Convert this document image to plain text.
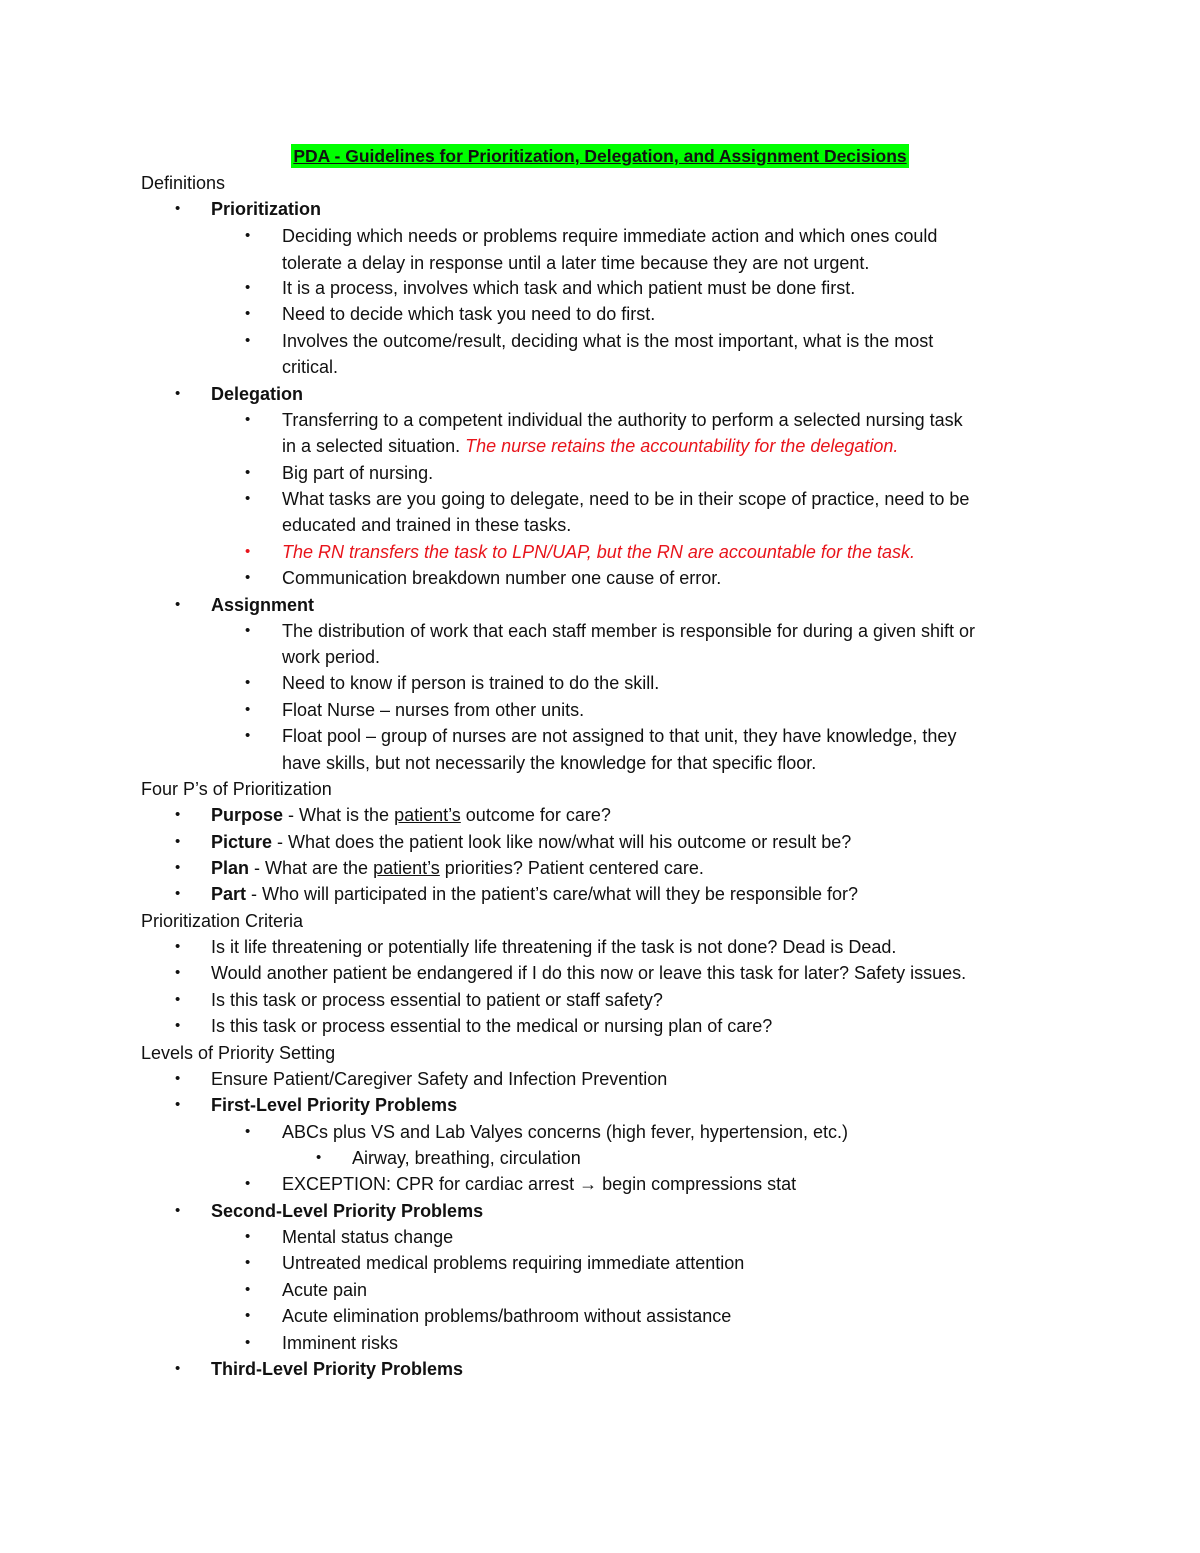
PDA - Guidelines for Prioritization, Delegation, and Assignment Decisions
Definitions
• Prioritization
• Deciding which needs or problems require immediate action and which ones could
tolerate a delay in response until a later time because they are not urgent.
• It is a process, involves which task and which patient must be done first.
• Need to decide which task you need to do first.
• Involves the outcome/result, deciding what is the most important, what is the most
critical.
• Delegation
• Transferring to a competent individual the authority to perform a selected nursing task
in a selected situation. The nurse retains the accountability for the delegation.
• Big part of nursing.
• What tasks are you going to delegate, need to be in their scope of practice, need to be
educated and trained in these tasks.
• The RN transfers the task to LPN/UAP, but the RN are accountable for the task.
• Communication breakdown number one cause of error.
• Assignment
• The distribution of work that each staff member is responsible for during a given shift or
work period.
• Need to know if person is trained to do the skill.
• Float Nurse – nurses from other units.
• Float pool – group of nurses are not assigned to that unit, they have knowledge, they
have skills, but not necessarily the knowledge for that specific floor.
Four P’s of Prioritization
• Purpose - What is the patient’s outcome for care?
• Picture - What does the patient look like now/what will his outcome or result be?
• Plan - What are the patient’s priorities? Patient centered care.
• Part - Who will participated in the patient’s care/what will they be responsible for?
Prioritization Criteria
• Is it life threatening or potentially life threatening if the task is not done? Dead is Dead.
• Would another patient be endangered if I do this now or leave this task for later? Safety issues.
• Is this task or process essential to patient or staff safety?
• Is this task or process essential to the medical or nursing plan of care?
Levels of Priority Setting
• Ensure Patient/Caregiver Safety and Infection Prevention
• First-Level Priority Problems
• ABCs plus VS and Lab Valyes concerns (high fever, hypertension, etc.)
• Airway, breathing, circulation
• EXCEPTION: CPR for cardiac arrest → begin compressions stat
• Second-Level Priority Problems
• Mental status change
• Untreated medical problems requiring immediate attention
• Acute pain
• Acute elimination problems/bathroom without assistance
• Imminent risks
• Third-Level Priority Problems
